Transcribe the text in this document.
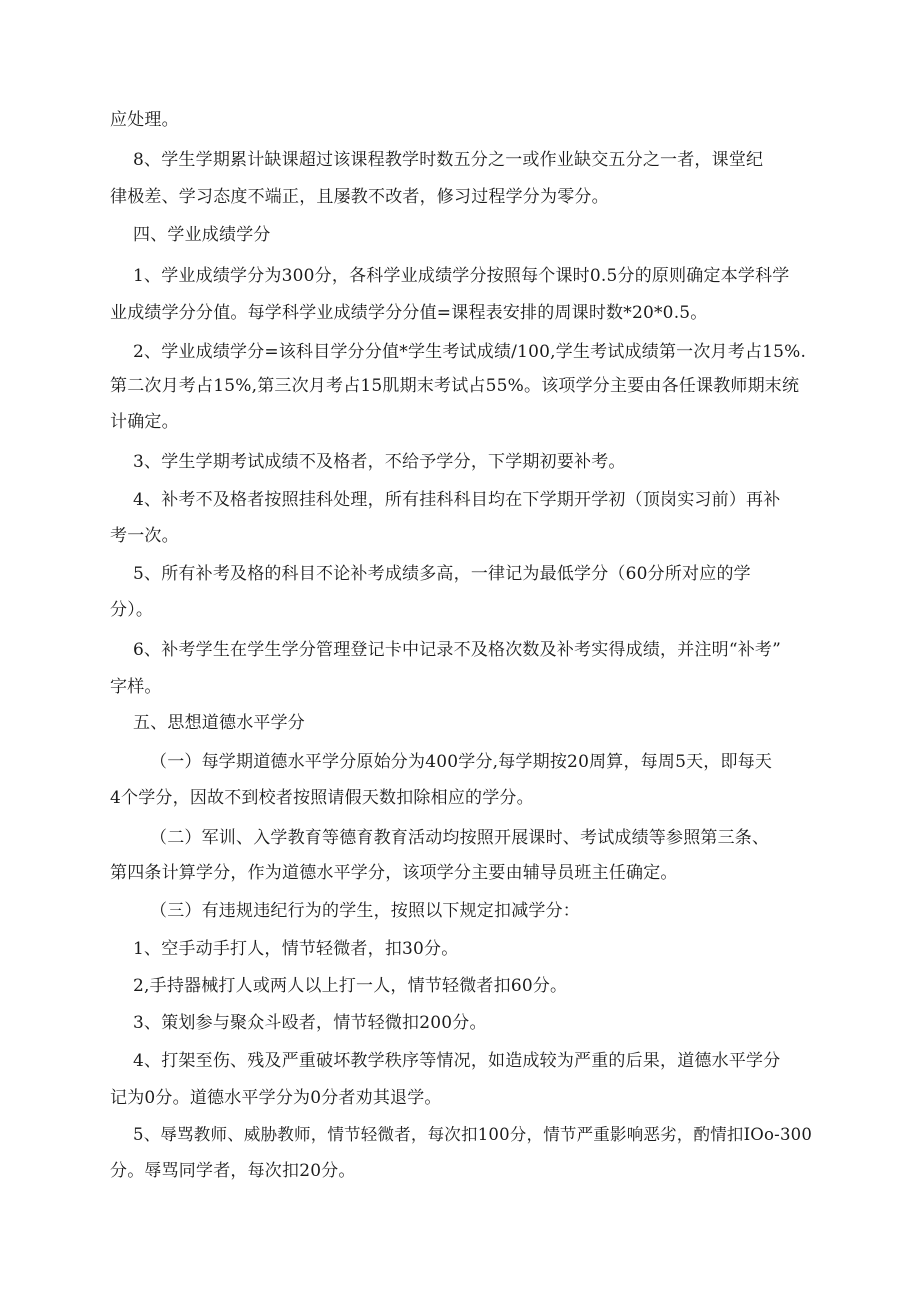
应处理。
8、学生学期累计缺课超过该课程教学时数五分之一或作业缺交五分之一者，课堂纪
律极差、学习态度不端正，且屡教不改者，修习过程学分为零分。
四、学业成绩学分
1、学业成绩学分为300分，各科学业成绩学分按照每个课时0.5分的原则确定本学科学
业成绩学分分值。每学科学业成绩学分分值=课程表安排的周课时数*20*0.5。
2、学业成绩学分=该科目学分分值*学生考试成绩/100,学生考试成绩第一次月考占15%.
第二次月考占15%,第三次月考占15肌期末考试占55%。该项学分主要由各任课教师期末统
计确定。
3、学生学期考试成绩不及格者，不给予学分，下学期初要补考。
4、补考不及格者按照挂科处理，所有挂科科目均在下学期开学初（顶岗实习前）再补
考一次。
5、所有补考及格的科目不论补考成绩多高，一律记为最低学分（60分所对应的学
分）。
6、补考学生在学生学分管理登记卡中记录不及格次数及补考实得成绩，并注明“补考”
字样。
五、思想道德水平学分
（一）每学期道德水平学分原始分为400学分,每学期按20周算，每周5天，即每天
4个学分，因故不到校者按照请假天数扣除相应的学分。
（二）军训、入学教育等德育教育活动均按照开展课时、考试成绩等参照第三条、
第四条计算学分，作为道德水平学分，该项学分主要由辅导员班主任确定。
（三）有违规违纪行为的学生，按照以下规定扣减学分：
1、空手动手打人，情节轻微者，扣30分。
2,手持器械打人或两人以上打一人，情节轻微者扣60分。
3、策划参与聚众斗殴者，情节轻微扣200分。
4、打架至伤、残及严重破坏教学秩序等情况，如造成较为严重的后果，道德水平学分
记为0分。道德水平学分为0分者劝其退学。
5、辱骂教师、威胁教师，情节轻微者，每次扣100分，情节严重影响恶劣，酌情扣IOo-300
分。辱骂同学者，每次扣20分。
